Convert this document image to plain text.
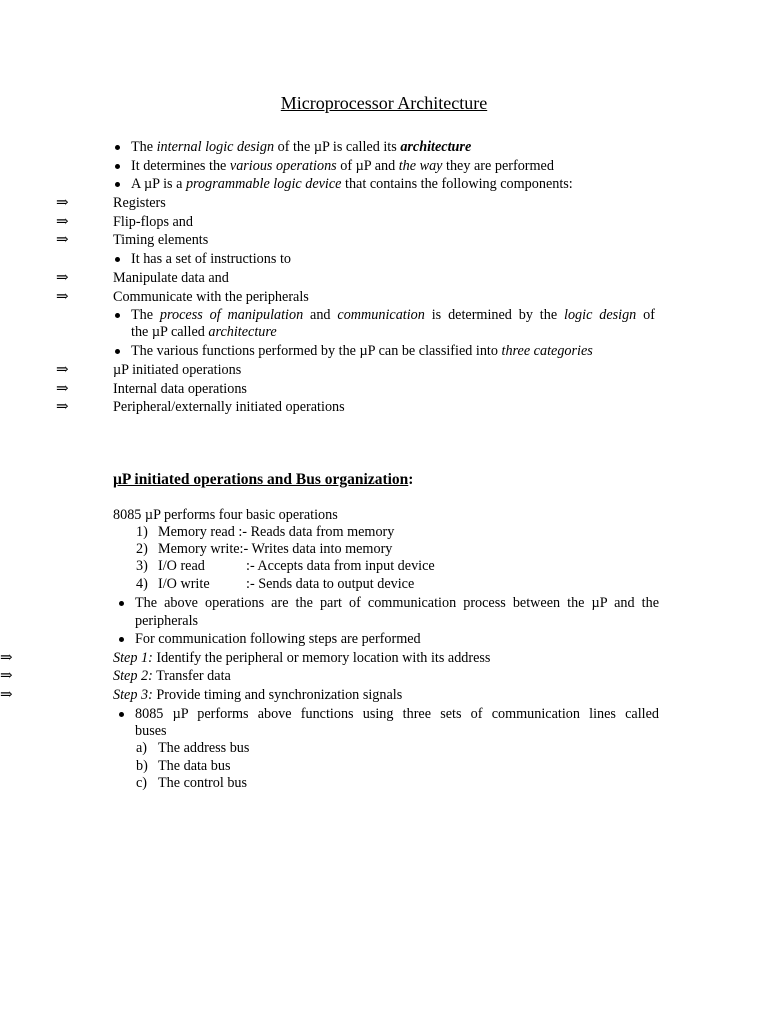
Microprocessor Architecture
The internal logic design of the µP is called its architecture
It determines the various operations of µP and the way they are performed
A µP is a programmable logic device that contains the following components:
⇒	Registers
⇒	Flip-flops and
⇒	Timing elements
It has a set of instructions to
⇒	Manipulate data and
⇒	Communicate with the peripherals
The process of manipulation and communication is determined by the logic design of
the µP called architecture
The various functions performed by the µP can be classified into three categories
⇒	µP initiated operations
⇒	Internal data operations
⇒	Peripheral/externally initiated operations
µP initiated operations and Bus organization:
8085 µP performs four basic operations
1) Memory read :- Reads data from memory
2) Memory write:- Writes data into memory
3) I/O read	:- Accepts data from input device
4) I/O write	:- Sends data to output device
The above operations are the part of communication process between the µP and the
peripherals
For communication following steps are performed
⇒	Step 1: Identify the peripheral or memory location with its address
⇒	Step 2: Transfer data
⇒	Step 3: Provide timing and synchronization signals
8085 µP performs above functions using three sets of communication lines called
buses
a) The address bus
b) The data bus
c) The control bus
